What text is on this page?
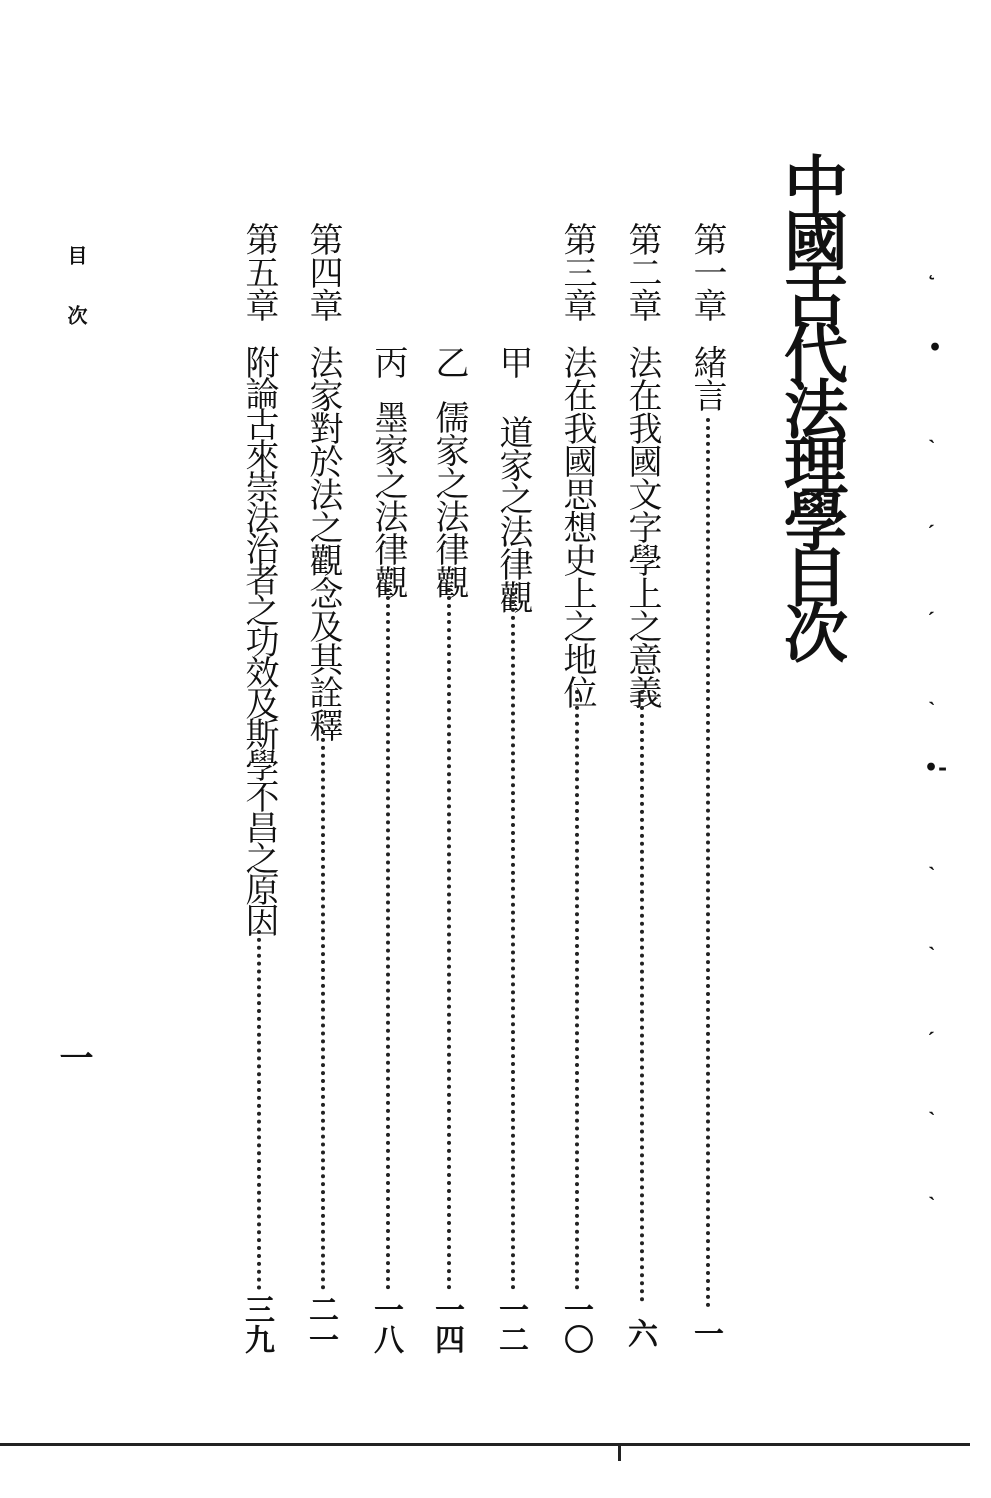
中國古代法理學目次
第一章
緒言
一
第二章
法在我國文字學上之意義
六
第三章
法在我國思想史上之地位
一〇
甲
道家之法律觀
一二
乙
儒家之法律觀
一四
丙
墨家之法律觀
一八
第四章
法家對於法之觀念及其詮釋
二一
第五章
附論古來崇法治者之功效及斯學不昌之原因
三九
目次
一
˛
•
ˎ
ˏ
ˏ
ˎ
•-
ˎ
ˎ
ˏ
ˎ
ˎ
